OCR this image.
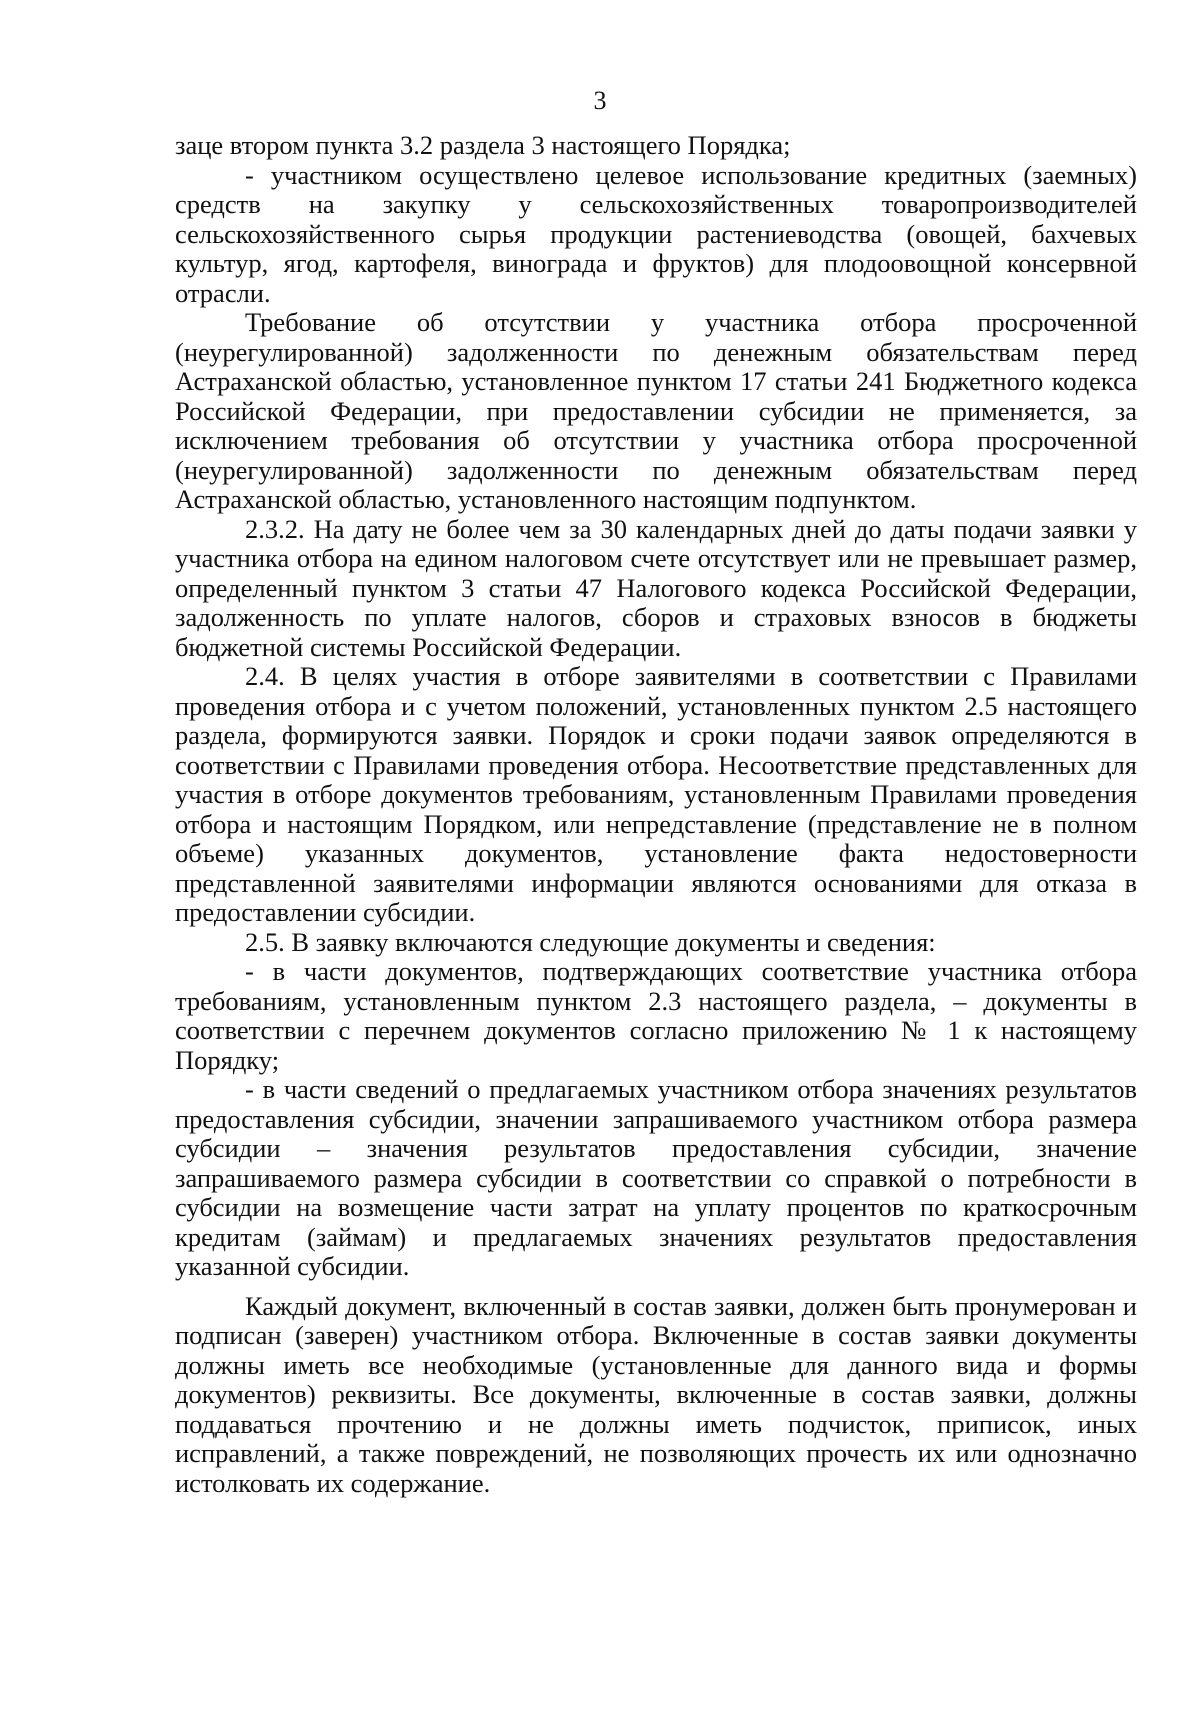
3

заце втором пункта 3.2 раздела 3 настоящего Порядка;

- участником осуществлено целевое использование кредитных (заемных) средств на закупку у сельскохозяйственных товаропроизводителей сельскохозяйственного сырья продукции растениеводства (овощей, бахчевых культур, ягод, картофеля, винограда и фруктов) для плодоовощной консервной отрасли.

Требование об отсутствии у участника отбора просроченной (неурегулированной) задолженности по денежным обязательствам перед Астраханской областью, установленное пунктом 17 статьи 241 Бюджетного кодекса Российской Федерации, при предоставлении субсидии не применяется, за исключением требования об отсутствии у участника отбора просроченной (неурегулированной) задолженности по денежным обязательствам перед Астраханской областью, установленного настоящим подпунктом.

2.3.2. На дату не более чем за 30 календарных дней до даты подачи заявки у участника отбора на едином налоговом счете отсутствует или не превышает размер, определенный пунктом 3 статьи 47 Налогового кодекса Российской Федерации, задолженность по уплате налогов, сборов и страховых взносов в бюджеты бюджетной системы Российской Федерации.

2.4. В целях участия в отборе заявителями в соответствии с Правилами проведения отбора и с учетом положений, установленных пунктом 2.5 настоящего раздела, формируются заявки. Порядок и сроки подачи заявок определяются в соответствии с Правилами проведения отбора. Несоответствие представленных для участия в отборе документов требованиям, установленным Правилами проведения отбора и настоящим Порядком, или непредставление (представление не в полном объеме) указанных документов, установление факта недостоверности представленной заявителями информации являются основаниями для отказа в предоставлении субсидии.

2.5. В заявку включаются следующие документы и сведения:

- в части документов, подтверждающих соответствие участника отбора требованиям, установленным пунктом 2.3 настоящего раздела, – документы в соответствии с перечнем документов согласно приложению № 1 к настоящему Порядку;

- в части сведений о предлагаемых участником отбора значениях результатов предоставления субсидии, значении запрашиваемого участником отбора размера субсидии – значения результатов предоставления субсидии, значение запрашиваемого размера субсидии в соответствии со справкой о потребности в субсидии на возмещение части затрат на уплату процентов по краткосрочным кредитам (займам) и предлагаемых значениях результатов предоставления указанной субсидии.

Каждый документ, включенный в состав заявки, должен быть пронумерован и подписан (заверен) участником отбора. Включенные в состав заявки документы должны иметь все необходимые (установленные для данного вида и формы документов) реквизиты. Все документы, включенные в состав заявки, должны поддаваться прочтению и не должны иметь подчисток, приписок, иных исправлений, а также повреждений, не позволяющих прочесть их или однозначно истолковать их содержание.
